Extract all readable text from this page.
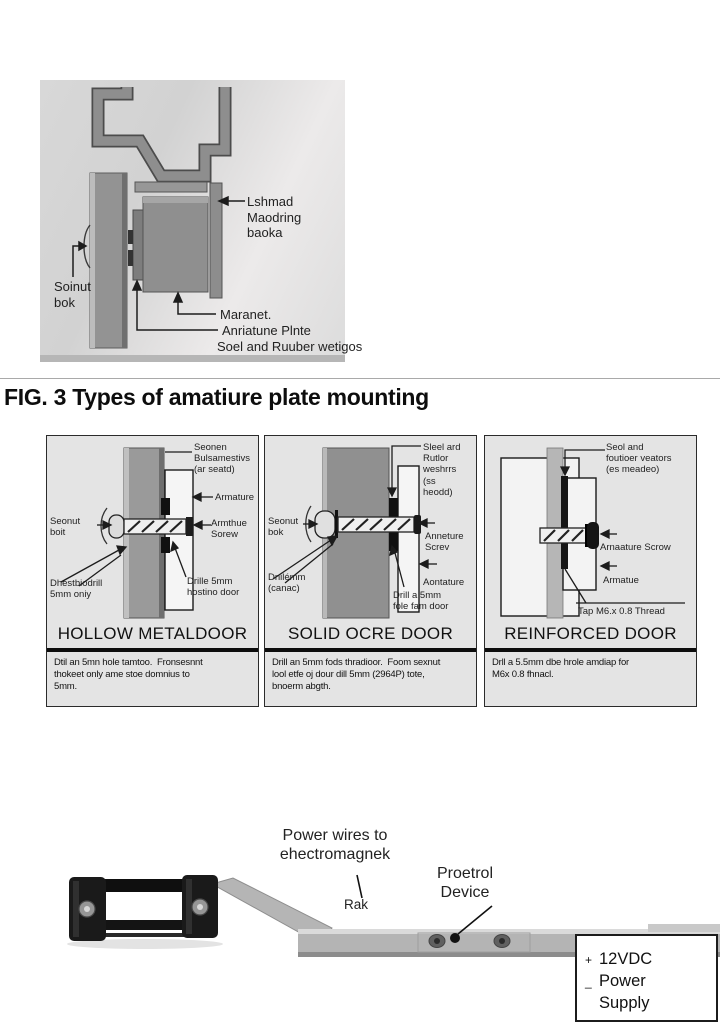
Lshmad
Maodring
baoka
Soinut
bok
Maranet.
Anriatune Plnte
Soel and Ruuber wetigos
FIG. 3 Types of amatiure plate mounting
Seonen
Bulsamestivs
(ar seatd)
Armature
Armthue
Sorew
Seonut
boit
Dhestbiodrill
5mm oniy
Drille 5mm
hostino door
HOLLOW METALDOOR
Dtil an 5mn hole tamtoo.  Fronsesnnt
thokeet only ame stoe domnius to
5mm.
Sleel ard
Rutlor
weshrrs
(ss
heodd)
Seonut
bok	Anneture
Screv
Aontature
Dnilémm
(canac)
Drill a 5mm
fole fam door
SOLID OCRE DOOR
Drill an 5mm fods thradioor.  Foom sexnut
lool etfe oj dour dill 5mm (2964P) tote,
bnoerm abgth.
Seol and
foutioer veators
(es meadeo)
Arnaature Scrow
Armatue
Tap M6.x 0.8 Thread
REINFORCED DOOR
Drll a 5.5mm dbe hrole amdiap for
M6x 0.8 fhnacl.
Power wires to
ehectromagnek
Rak
Proetrol
Device
+ 12VDC
_ Power
Supply
